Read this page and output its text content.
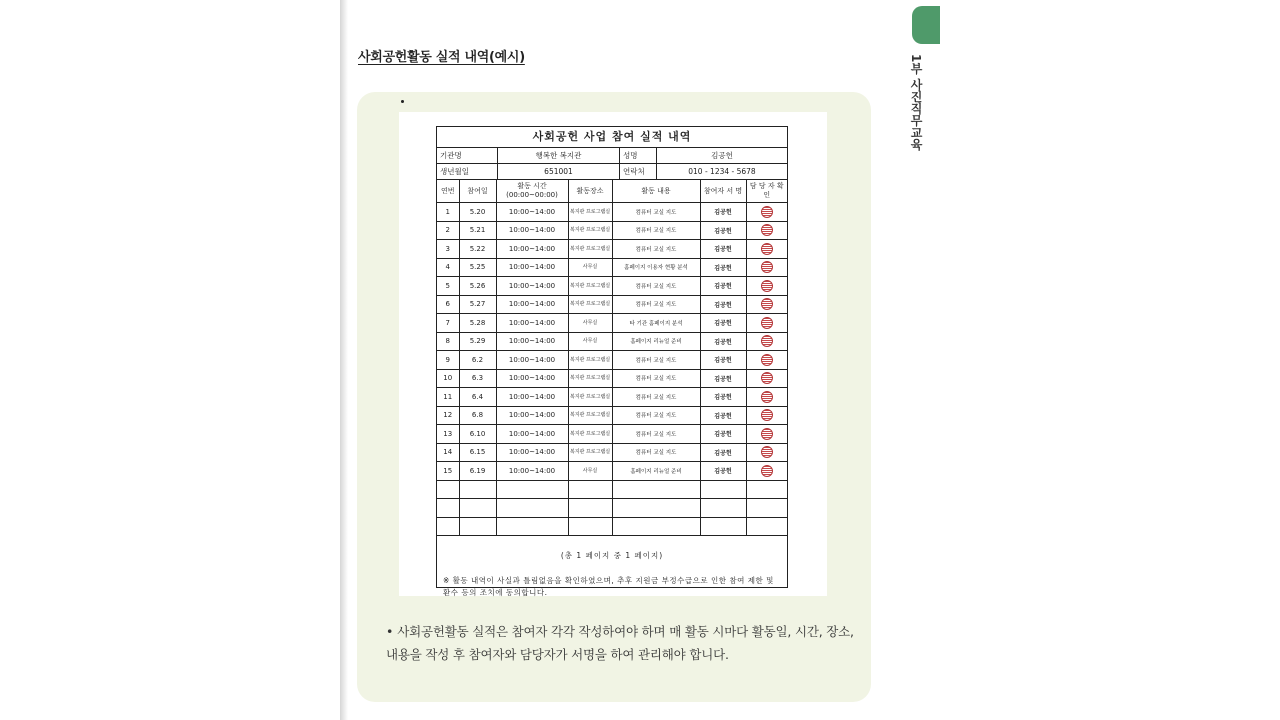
사회공헌활동 실적 내역(예시)	1부 사진직무교육
사회공헌 사업 참여 실적 내역
기관명	행복한 복지관	성명	김공헌
생년월일	651001	연락처	010 - 1234 - 5678
연번	참여일	활동 시간 (00:00~00:00)	활동장소	활동 내용	참여자 서 명	담 당 자 확 인
1	5.20	10:00~14:00	복지관 프로그램실	컴퓨터 교실 지도	김공헌	
2	5.21	10:00~14:00	복지관 프로그램실	컴퓨터 교실 지도	김공헌	
3	5.22	10:00~14:00	복지관 프로그램실	컴퓨터 교실 지도	김공헌	
4	5.25	10:00~14:00	사무실	홈페이지 이용자 현황 분석	김공헌	
5	5.26	10:00~14:00	복지관 프로그램실	컴퓨터 교실 지도	김공헌	
6	5.27	10:00~14:00	복지관 프로그램실	컴퓨터 교실 지도	김공헌	
7	5.28	10:00~14:00	사무실	타 기관 홈페이지 분석	김공헌	
8	5.29	10:00~14:00	사무실	홈페이지 리뉴얼 준비	김공헌	
9	6.2	10:00~14:00	복지관 프로그램실	컴퓨터 교실 지도	김공헌	
10	6.3	10:00~14:00	복지관 프로그램실	컴퓨터 교실 지도	김공헌	
11	6.4	10:00~14:00	복지관 프로그램실	컴퓨터 교실 지도	김공헌	
12	6.8	10:00~14:00	복지관 프로그램실	컴퓨터 교실 지도	김공헌	
13	6.10	10:00~14:00	복지관 프로그램실	컴퓨터 교실 지도	김공헌	
14	6.15	10:00~14:00	복지관 프로그램실	컴퓨터 교실 지도	김공헌	
15	6.19	10:00~14:00	사무실	홈페이지 리뉴얼 준비	김공헌	

(총 1 페이지 중 1 페이지)
※ 활동 내역이 사실과 틀림없음을 확인하였으며, 추후 지원금 부정수급으로 인한 참여 제한 및 환수 등의 조치에 동의합니다.
• 사회공헌활동 실적은 참여자 각각 작성하여야 하며 매 활동 시마다 활동일, 시간, 장소, 내용을 작성 후 참여자와 담당자가 서명을 하여 관리해야 합니다.
